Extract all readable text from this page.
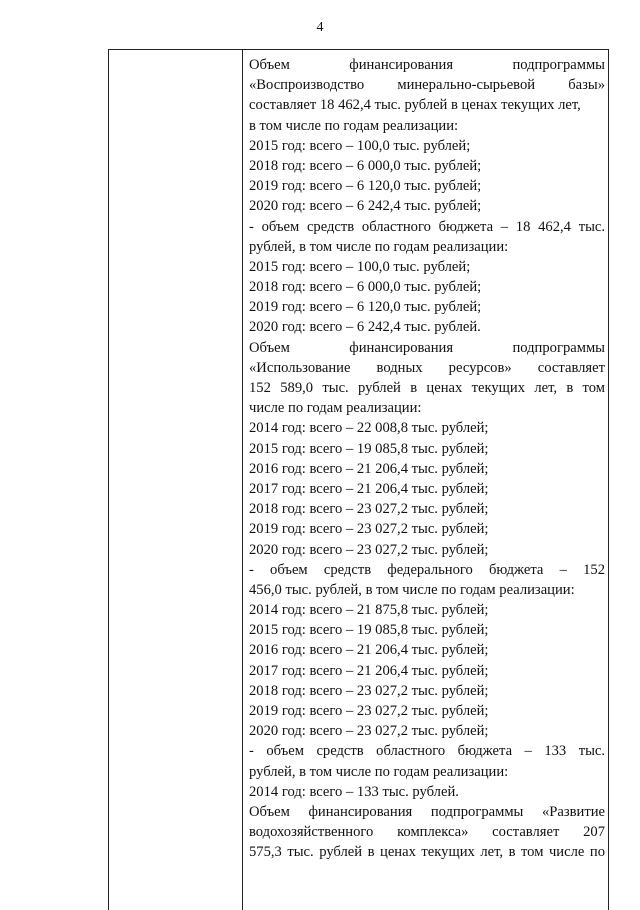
4
Объем финансирования подпрограммы
«Воспроизводство минерально-сырьевой базы»
составляет 18 462,4 тыс. рублей в ценах текущих лет,
в том числе по годам реализации:
2015 год: всего – 100,0 тыс. рублей;
2018 год: всего – 6 000,0 тыс. рублей;
2019 год: всего – 6 120,0 тыс. рублей;
2020 год: всего – 6 242,4 тыс. рублей;
- объем средств областного бюджета – 18 462,4 тыс.
рублей, в том числе по годам реализации:
2015 год: всего – 100,0 тыс. рублей;
2018 год: всего – 6 000,0 тыс. рублей;
2019 год: всего – 6 120,0 тыс. рублей;
2020 год: всего – 6 242,4 тыс. рублей.
Объем финансирования подпрограммы
«Использование водных ресурсов» составляет
152 589,0 тыс. рублей в ценах текущих лет, в том
числе по годам реализации:
2014 год: всего – 22 008,8 тыс. рублей;
2015 год: всего – 19 085,8 тыс. рублей;
2016 год: всего – 21 206,4 тыс. рублей;
2017 год: всего – 21 206,4 тыс. рублей;
2018 год: всего – 23 027,2 тыс. рублей;
2019 год: всего – 23 027,2 тыс. рублей;
2020 год: всего – 23 027,2 тыс. рублей;
- объем средств федерального бюджета – 152
456,0 тыс. рублей, в том числе по годам реализации:
2014 год: всего – 21 875,8 тыс. рублей;
2015 год: всего – 19 085,8 тыс. рублей;
2016 год: всего – 21 206,4 тыс. рублей;
2017 год: всего – 21 206,4 тыс. рублей;
2018 год: всего – 23 027,2 тыс. рублей;
2019 год: всего – 23 027,2 тыс. рублей;
2020 год: всего – 23 027,2 тыс. рублей;
- объем средств областного бюджета – 133 тыс.
рублей, в том числе по годам реализации:
2014 год: всего – 133 тыс. рублей.
Объем финансирования подпрограммы «Развитие
водохозяйственного комплекса» составляет 207
575,3 тыс. рублей в ценах текущих лет, в том числе по
